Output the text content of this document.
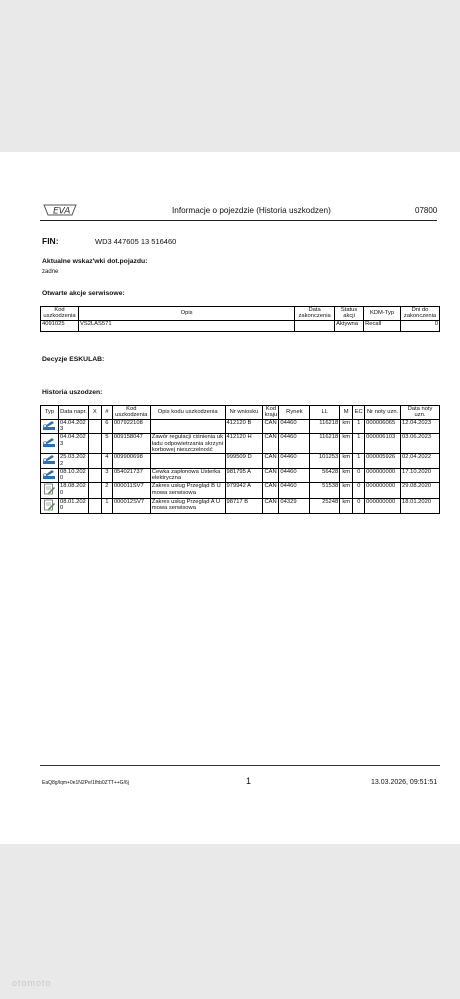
EVA	Informacje o pojezdzie (Historia uszkodzen)	07800
FIN:	WD3 447605 13 516460
Aktualne wskaz'wki dot.pojazdu:
zadne
Otwarte akcje serwisowe:
Kod uszkodzenia	Opis	Data zakonczenia	Status akcji	KDM-Typ	Dni do zakonczenia
4091025	VS2LAS571		Aktywna	Recall	0
Decyzje ESKULAB:
Historia uszodzen:
Typ	Data napr.	X	#	Kod uszkodzenia	Opis kodu uszkodzenia	Nr wniosku	Kod kraju	Rynek	LL	M	EC	Nr noty uzn.	Data noty uzn.
	04.04.2023		6	007922108		412120 B	CAN	04460	116218	km	1	000006065	12.04.2023
	04.04.2023		5	009158047	Zawór regulacji ciśnienia układu odpowietrzania skrzyni korbowej nieszczelność	412120 H	CAN	04460	116218	km	1	000006103	03.06.2023
	25.03.2022		4	009900698		999509 D	CAN	04460	101253	km	1	000005926	02.04.2022
	08.10.2020		3	054021737	Cewka zapłonowa Usterka elektryczna	981795 A	CAN	04460	56428	km	0	000000000	17.10.2020
	18.08.2020		2	000011SV7	Zakres usług Przegląd B Umowa serwisowa	979942 A	CAN	04460	51538	km	0	000000000	29.08.2020
	08.01.2020		1	000012SV7	Zakres usług Przegląd A Umowa serwisowa	98717 B	CAN	04329	25248	km	0	000000000	18.01.2020
EaQ8g/lqm+0e1N2Pe/1fhb0ZTT++G/6j	1	13.03.2026, 09:51:51
otomoto
